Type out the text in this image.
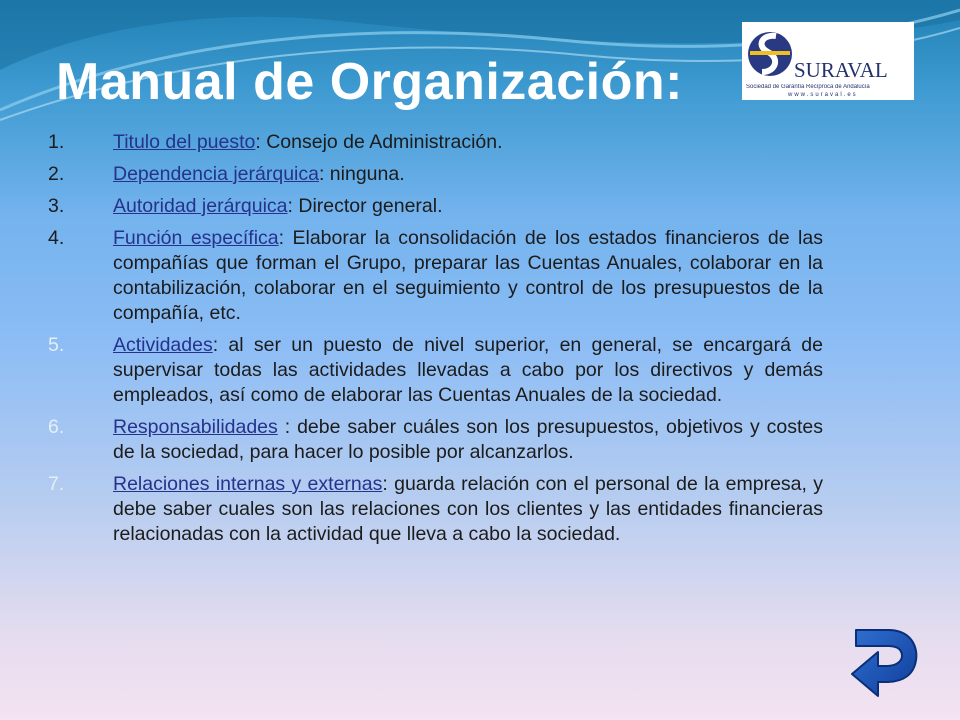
Manual de Organización:	SURAVAL
Sociedad de Garantía Recíproca de Andalucía
www.suraval.es
1. Titulo del puesto: Consejo de Administración.
2. Dependencia jerárquica: ninguna.
3. Autoridad jerárquica: Director general.
4. Función específica: Elaborar la consolidación de los estados financieros de las compañías que forman el Grupo, preparar las Cuentas Anuales, colaborar en la contabilización, colaborar en el seguimiento y control de los presupuestos de la compañía, etc.
5. Actividades: al ser un puesto de nivel superior, en general, se encargará de supervisar todas las actividades llevadas a cabo por los directivos y demás empleados, así como de elaborar las Cuentas Anuales de la sociedad.
6. Responsabilidades : debe saber cuáles son los presupuestos, objetivos y costes de la sociedad, para hacer lo posible por alcanzarlos.
7. Relaciones internas y externas: guarda relación con el personal de la empresa, y debe saber cuales son las relaciones con los clientes y las entidades financieras relacionadas con la actividad que lleva a cabo la sociedad.
